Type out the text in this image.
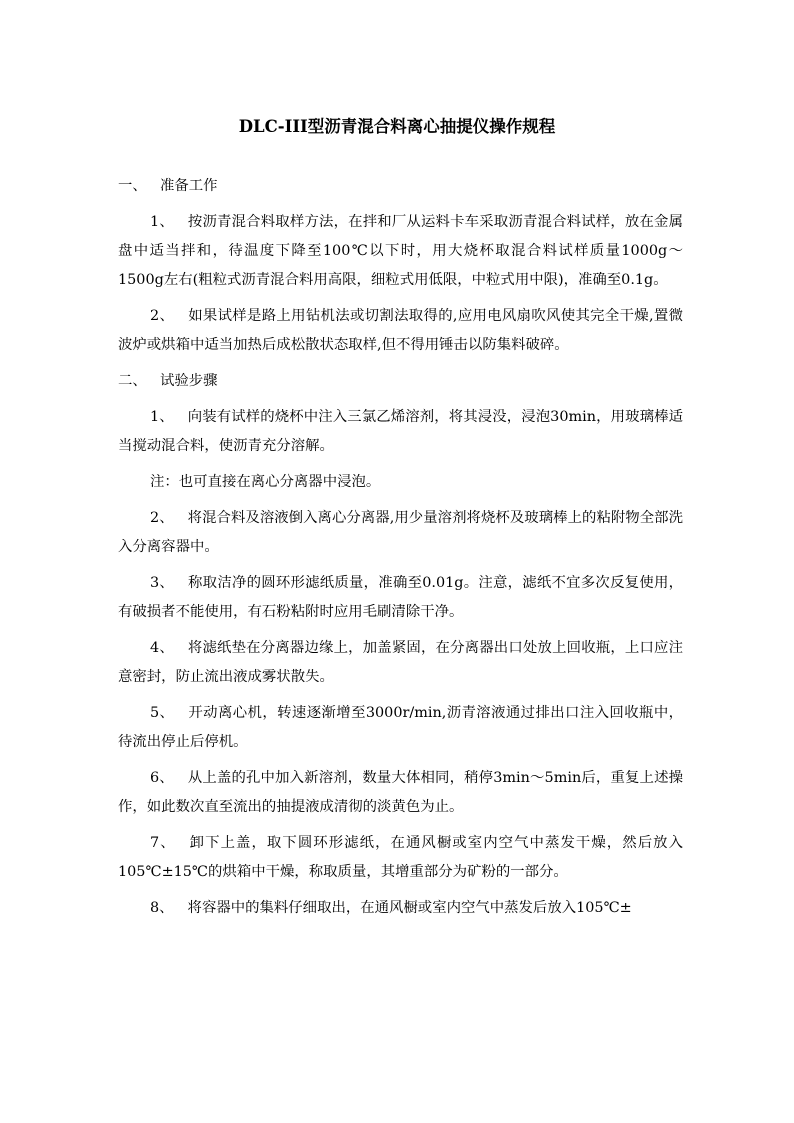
DLC-III型沥青混合料离心抽提仪操作规程
一、 准备工作

1、 按沥青混合料取样方法，在拌和厂从运料卡车采取沥青混合料试样，放在金属盘中适当拌和，待温度下降至100℃以下时，用大烧杯取混合料试样质量1000g～1500g左右(粗粒式沥青混合料用高限，细粒式用低限，中粒式用中限)，准确至0.1g。

2、 如果试样是路上用钻机法或切割法取得的,应用电风扇吹风使其完全干燥,置微波炉或烘箱中适当加热后成松散状态取样,但不得用锤击以防集料破碎。

二、 试验步骤

1、 向装有试样的烧杯中注入三氯乙烯溶剂，将其浸没，浸泡30min，用玻璃棒适当搅动混合料，使沥青充分溶解。

注：也可直接在离心分离器中浸泡。

2、 将混合料及溶液倒入离心分离器,用少量溶剂将烧杯及玻璃棒上的粘附物全部洗入分离容器中。

3、 称取洁净的圆环形滤纸质量，准确至0.01g。注意，滤纸不宜多次反复使用，有破损者不能使用，有石粉粘附时应用毛刷清除干净。

4、 将滤纸垫在分离器边缘上，加盖紧固，在分离器出口处放上回收瓶，上口应注意密封，防止流出液成雾状散失。

5、 开动离心机，转速逐渐增至3000r/min,沥青溶液通过排出口注入回收瓶中，待流出停止后停机。

6、 从上盖的孔中加入新溶剂，数量大体相同，稍停3min～5min后，重复上述操作，如此数次直至流出的抽提液成清彻的淡黄色为止。

7、 卸下上盖，取下圆环形滤纸，在通风橱或室内空气中蒸发干燥，然后放入105℃±15℃的烘箱中干燥，称取质量，其增重部分为矿粉的一部分。

8、 将容器中的集料仔细取出，在通风橱或室内空气中蒸发后放入105℃±
